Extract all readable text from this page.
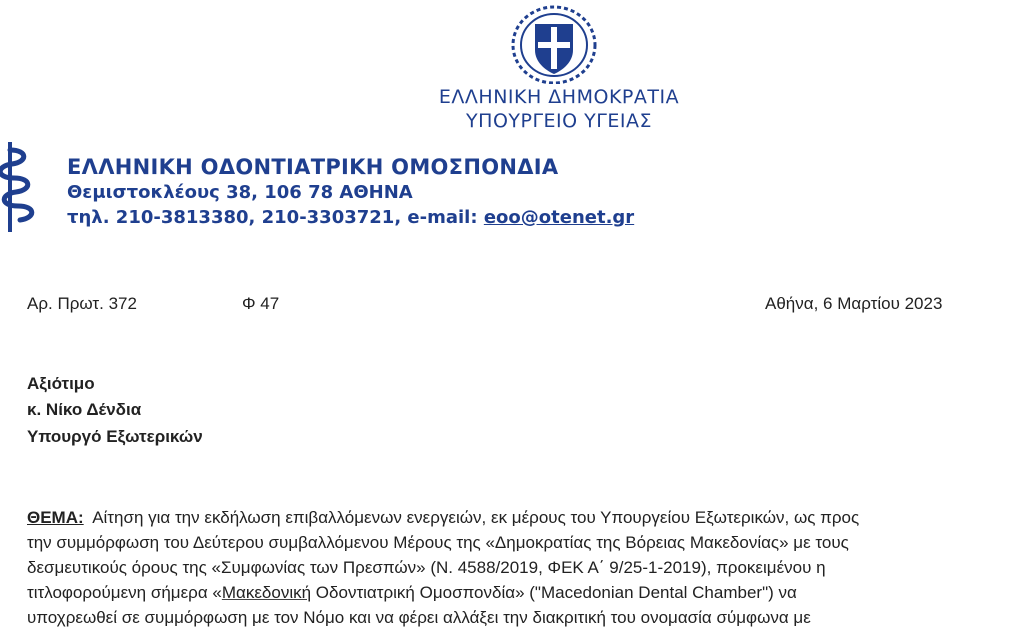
ΕΛΛΗΝΙΚΗ ΔΗΜΟΚΡΑΤΙΑ
ΥΠΟΥΡΓΕΙΟ ΥΓΕΙΑΣ
ΕΛΛΗΝΙΚΗ ΟΔΟΝΤΙΑΤΡΙΚΗ ΟΜΟΣΠΟΝΔΙΑ
Θεμιστοκλέους 38, 106 78 ΑΘΗΝΑ
τηλ. 210-3813380, 210-3303721, e-mail: eoo@otenet.gr
Αρ. Πρωτ. 372	Φ 47	Αθήνα, 6 Μαρτίου 2023
Αξιότιμο
κ. Νίκο Δένδια
Υπουργό Εξωτερικών
ΘΕΜΑ: Αίτηση για την εκδήλωση επιβαλλόμενων ενεργειών, εκ μέρους του Υπουργείου Εξωτερικών, ως προς
την συμμόρφωση του Δεύτερου συμβαλλόμενου Μέρους της «Δημοκρατίας της Βόρειας Μακεδονίας» με τους
δεσμευτικούς όρους της «Συμφωνίας των Πρεσπών» (Ν. 4588/2019, ΦΕΚ Α΄ 9/25-1-2019), προκειμένου η
τιτλοφορούμενη σήμερα «Μακεδονική Οδοντιατρική Ομοσπονδία» ("Macedonian Dental Chamber") να
υποχρεωθεί σε συμμόρφωση με τον Νόμο και να φέρει αλλάξει την διακριτική του ονομασία σύμφωνα με
